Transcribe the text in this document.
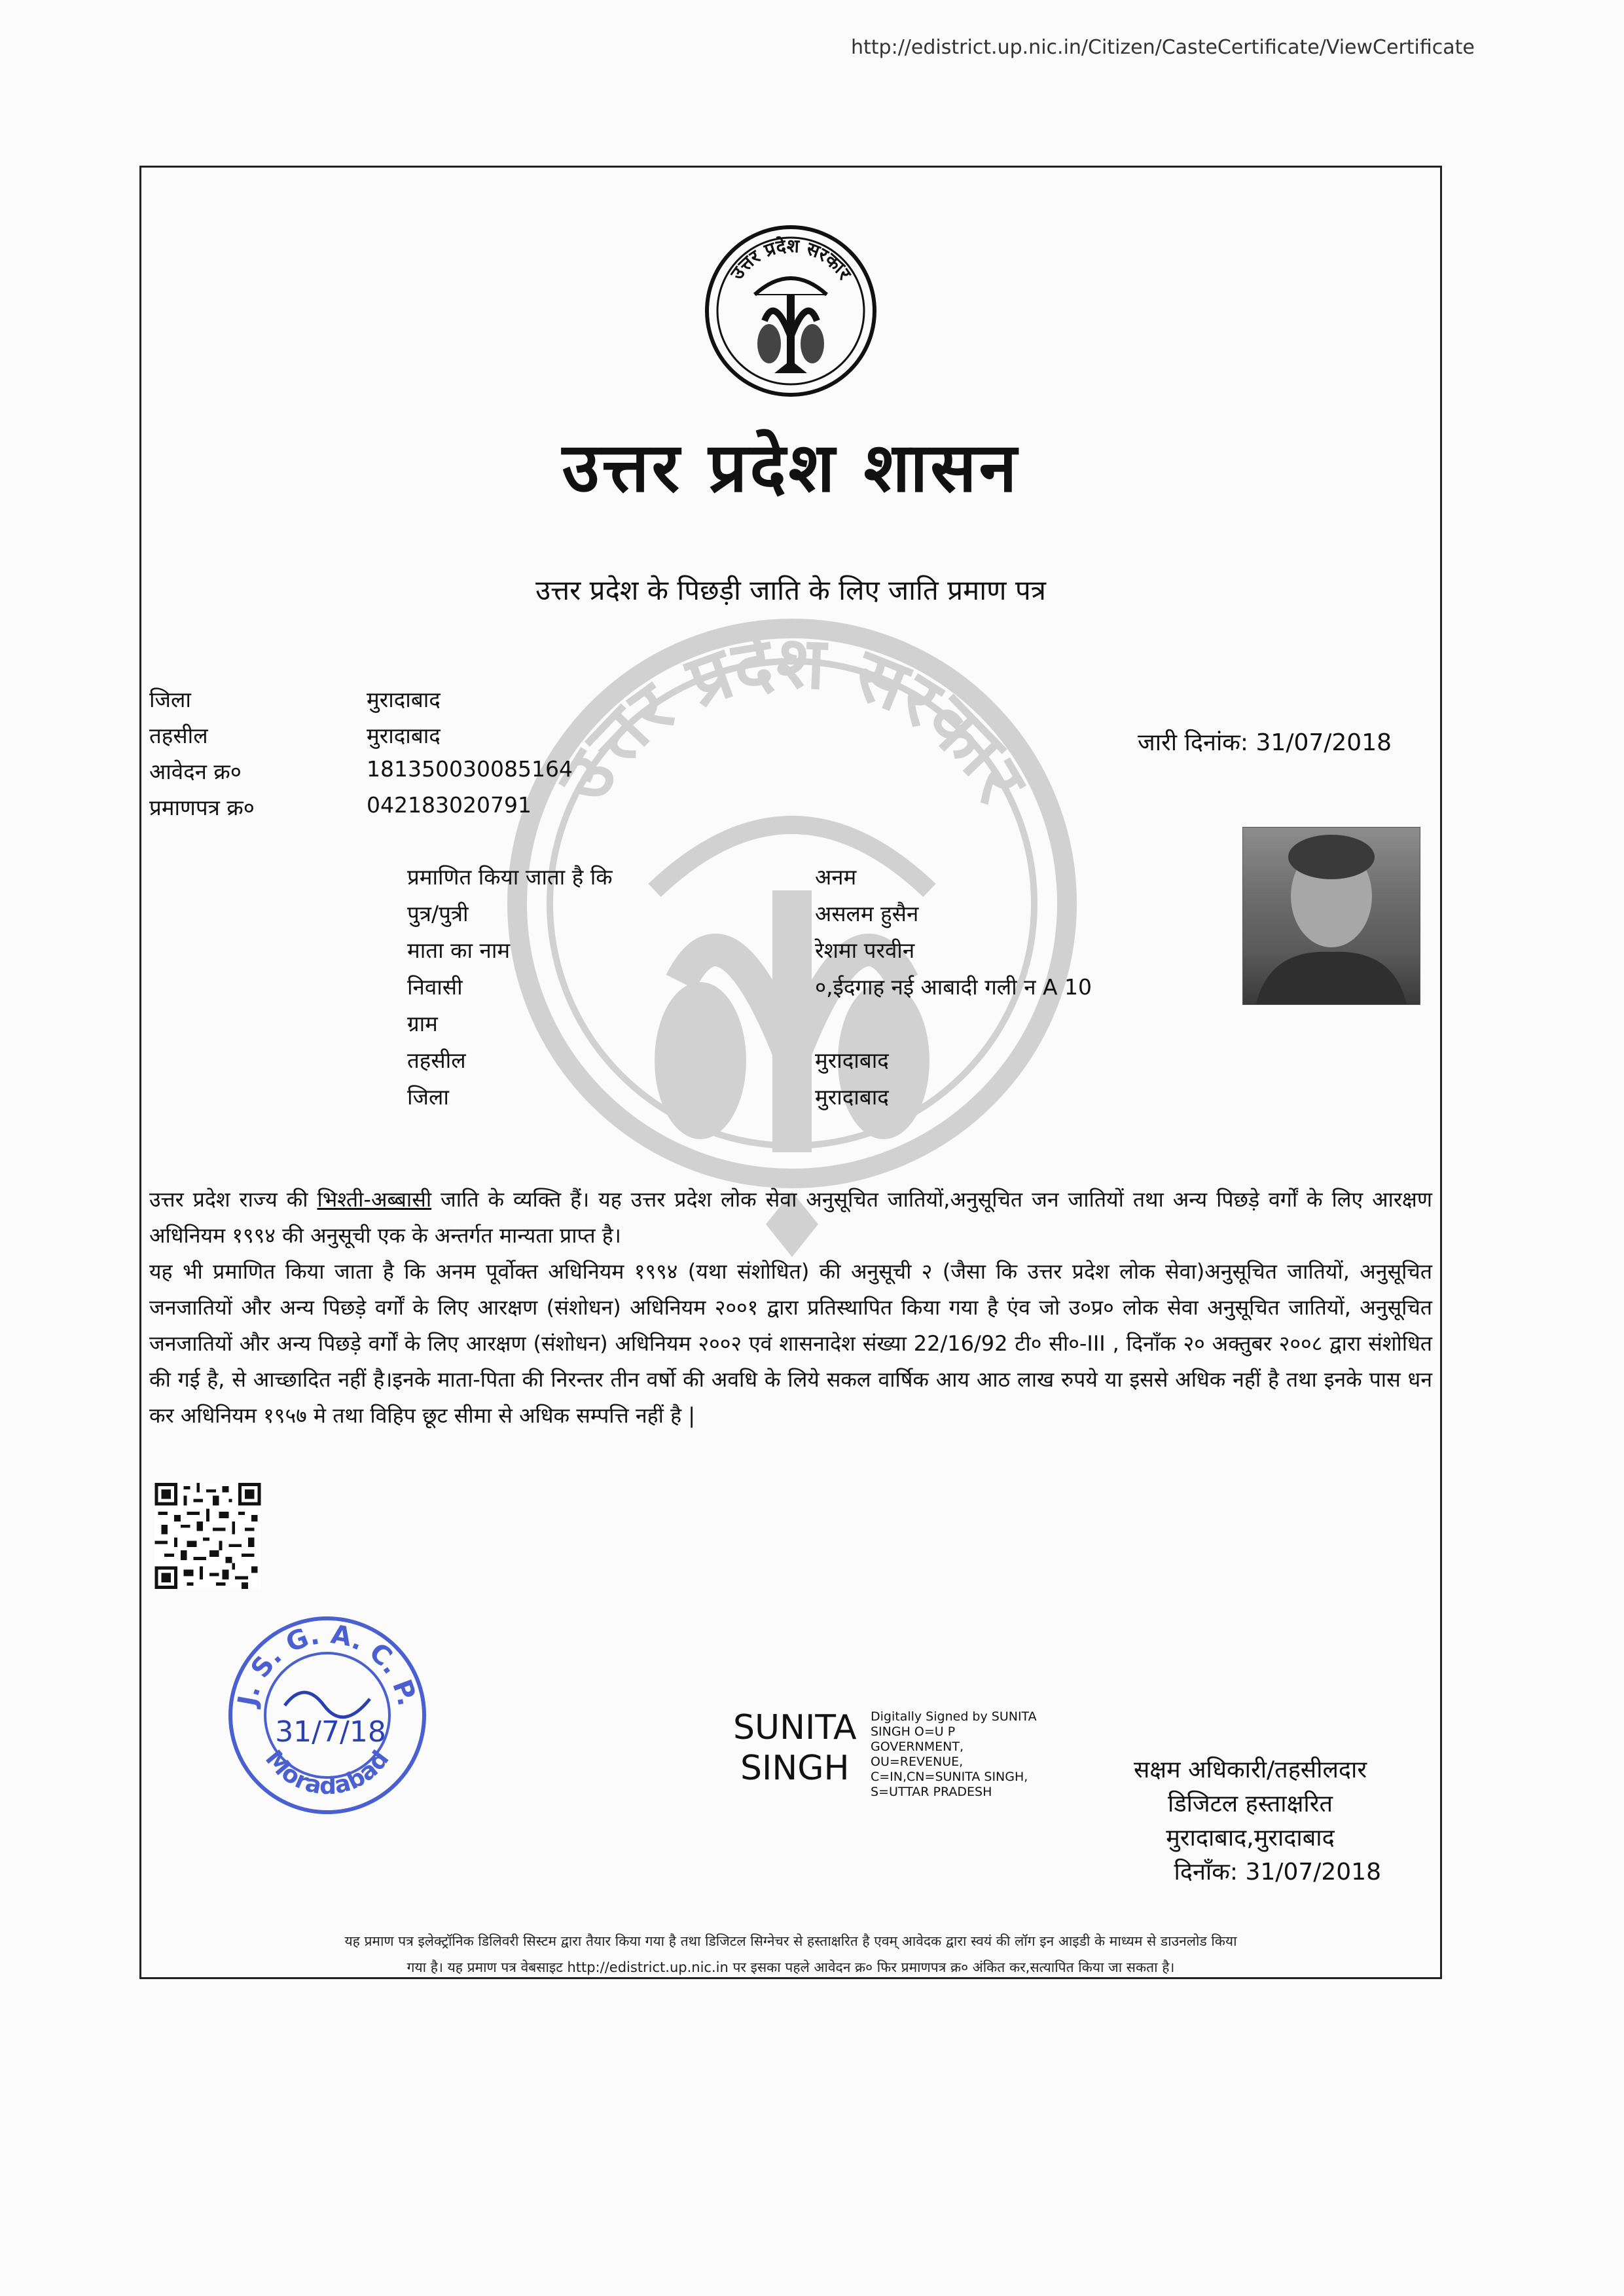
http://edistrict.up.nic.in/Citizen/CasteCertificate/ViewCertificate
उत्तर प्रदेश सरकार
उत्तर प्रदेश सरकार
उत्तर प्रदेश शासन
उत्तर प्रदेश के पिछड़ी जाति के लिए जाति प्रमाण पत्र
जिला	मुरादाबाद
तहसील	मुरादाबाद
आवेदन क्र०	181350030085164
प्रमाणपत्र क्र०	042183020791
जारी दिनांक: 31/07/2018
प्रमाणित किया जाता है कि	अनम
पुत्र/पुत्री	असलम हुसैन
माता का नाम	रेशमा परवीन
निवासी	०,ईदगाह नई आबादी गली न A 10
ग्राम
तहसील	मुरादाबाद
जिला	मुरादाबाद
उत्तर प्रदेश राज्य की भिश्ती-अब्बासी जाति के व्यक्ति हैं। यह उत्तर प्रदेश लोक सेवा अनुसूचित जातियों,अनुसूचित जन जातियों तथा अन्य पिछड़े वर्गों के लिए आरक्षण अधिनियम १९९४ की अनुसूची एक के अन्तर्गत मान्यता प्राप्त है।
यह भी प्रमाणित किया जाता है कि अनम पूर्वोक्त अधिनियम १९९४ (यथा संशोधित) की अनुसूची २ (जैसा कि उत्तर प्रदेश लोक सेवा)अनुसूचित जातियों, अनुसूचित जनजातियों और अन्य पिछड़े वर्गों के लिए आरक्षण (संशोधन) अधिनियम २००१ द्वारा प्रतिस्थापित किया गया है एंव जो उ०प्र० लोक सेवा अनुसूचित जातियों, अनुसूचित जनजातियों और अन्य पिछड़े वर्गों के लिए आरक्षण (संशोधन) अधिनियम २००२ एवं शासनादेश संख्या 22/16/92 टी० सी०-III , दिनाँक २० अक्तुबर २००८ द्वारा संशोधित की गई है, से आच्छादित नहीं है।इनके माता-पिता की निरन्तर तीन वर्षो की अवधि के लिये सकल वार्षिक आय आठ लाख रुपये या इससे अधिक नहीं है तथा इनके पास धन कर अधिनियम १९५७ मे तथा विहिप छूट सीमा से अधिक सम्पत्ति नहीं है |
J. S. G. A. C. P.
Moradabad
31/7/18	SUNITA
SINGH
Digitally Signed by SUNITA
SINGH O=U P
GOVERNMENT,
OU=REVENUE,
C=IN,CN=SUNITA SINGH,
S=UTTAR PRADESH
सक्षम अधिकारी/तहसीलदार
डिजिटल हस्ताक्षरित
मुरादाबाद,मुरादाबाद
दिनाँक: 31/07/2018
यह प्रमाण पत्र इलेक्ट्रॉनिक डिलिवरी सिस्टम द्वारा तैयार किया गया है तथा डिजिटल सिग्नेचर से हस्ताक्षरित है एवम् आवेदक द्वारा स्वयं की लॉग इन आइडी के माध्यम से डाउनलोड किया
गया है। यह प्रमाण पत्र वेबसाइट http://edistrict.up.nic.in पर इसका पहले आवेदन क्र० फिर प्रमाणपत्र क्र० अंकित कर,सत्यापित किया जा सकता है।
